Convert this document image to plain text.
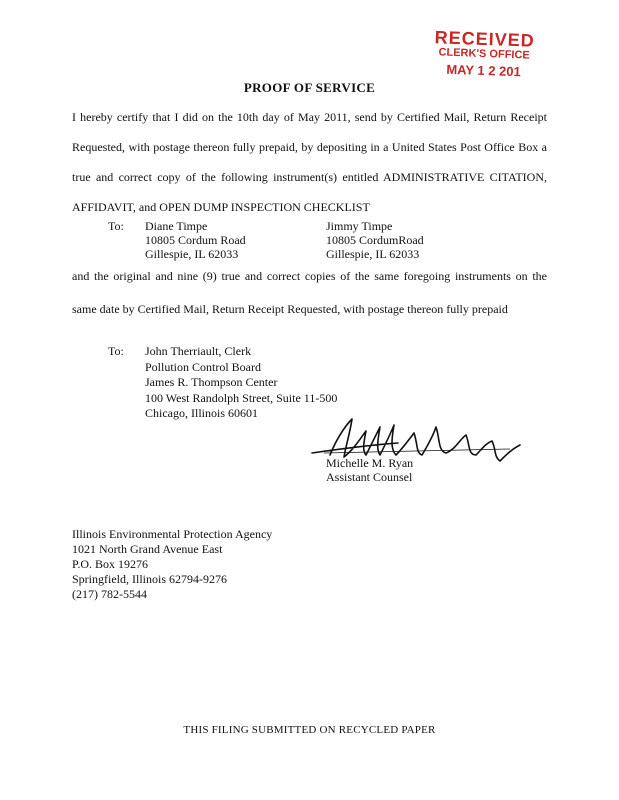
RECEIVED
CLERK'S OFFICE
MAY 1 2 201
PROOF OF SERVICE
I hereby certify that I did on the 10th day of May 2011, send by Certified Mail, Return Receipt Requested, with postage thereon fully prepaid, by depositing in a United States Post Office Box a true and correct copy of the following instrument(s) entitled ADMINISTRATIVE CITATION, AFFIDAVIT, and OPEN DUMP INSPECTION CHECKLIST
To: Diane Timpe
10805 Cordum Road
Gillespie, IL 62033
Jimmy Timpe
10805 CordumRoad
Gillespie, IL 62033
and the original and nine (9) true and correct copies of the same foregoing instruments on the same date by Certified Mail, Return Receipt Requested, with postage thereon fully prepaid
To: John Therriault, Clerk
Pollution Control Board
James R. Thompson Center
100 West Randolph Street, Suite 11-500
Chicago, Illinois 60601
Michelle M. Ryan
Assistant Counsel
Illinois Environmental Protection Agency
1021 North Grand Avenue East
P.O. Box 19276
Springfield, Illinois 62794-9276
(217) 782-5544
THIS FILING SUBMITTED ON RECYCLED PAPER
